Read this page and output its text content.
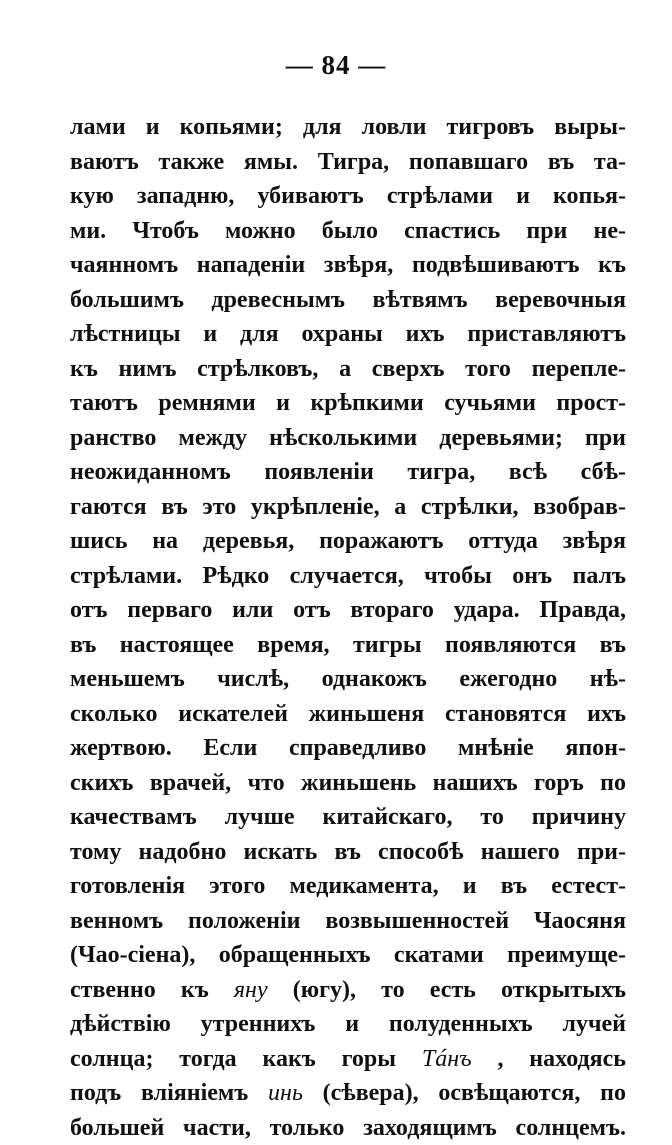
— 84 —
лами и копьями; для ловли тигровъ выры-
ваютъ также ямы. Тигра, попавшаго въ та-
кую западню, убиваютъ стрѣлами и копья-
ми. Чтобъ можно было спастись при не-
чаянномъ нападенiи звѣря, подвѣшиваютъ къ
большимъ древеснымъ вѣтвямъ веревочныя
лѣстницы и для охраны ихъ приставляютъ
къ нимъ стрѣлковъ, а сверхъ того перепле-
таютъ ремнями и крѣпкими сучьями прост-
ранство между нѣсколькими деревьями; при
неожиданномъ появленiи тигра, всѣ сбѣ-
гаются въ это укрѣпленiе, а стрѣлки, взобрав-
шись на деревья, поражаютъ оттуда звѣря
стрѣлами. Рѣдко случается, чтобы онъ палъ
отъ перваго или отъ втораго удара. Правда,
въ настоящее время, тигры появляются въ
меньшемъ числѣ, однакожъ ежегодно нѣ-
сколько искателей жиньшеня становятся ихъ
жертвою. Если справедливо мнѣнiе япон-
скихъ врачей, что жиньшень нашихъ горъ по
качествамъ лучше китайскаго, то причину
тому надобно искать въ способѣ нашего при-
готовленiя этого медикамента, и въ естест-
венномъ положенiи возвышенностей Чаосяня
(Чао-сiена), обращенныхъ скатами преимуще-
ственно къ яну (югу), то есть открытыхъ
дѣйствiю утреннихъ и полуденныхъ лучей
солнца; тогда какъ горы Тáнъ , находясь
подъ влiянiемъ инь (сѣвера), освѣщаются, по
большей части, только заходящимъ солнцемъ.
